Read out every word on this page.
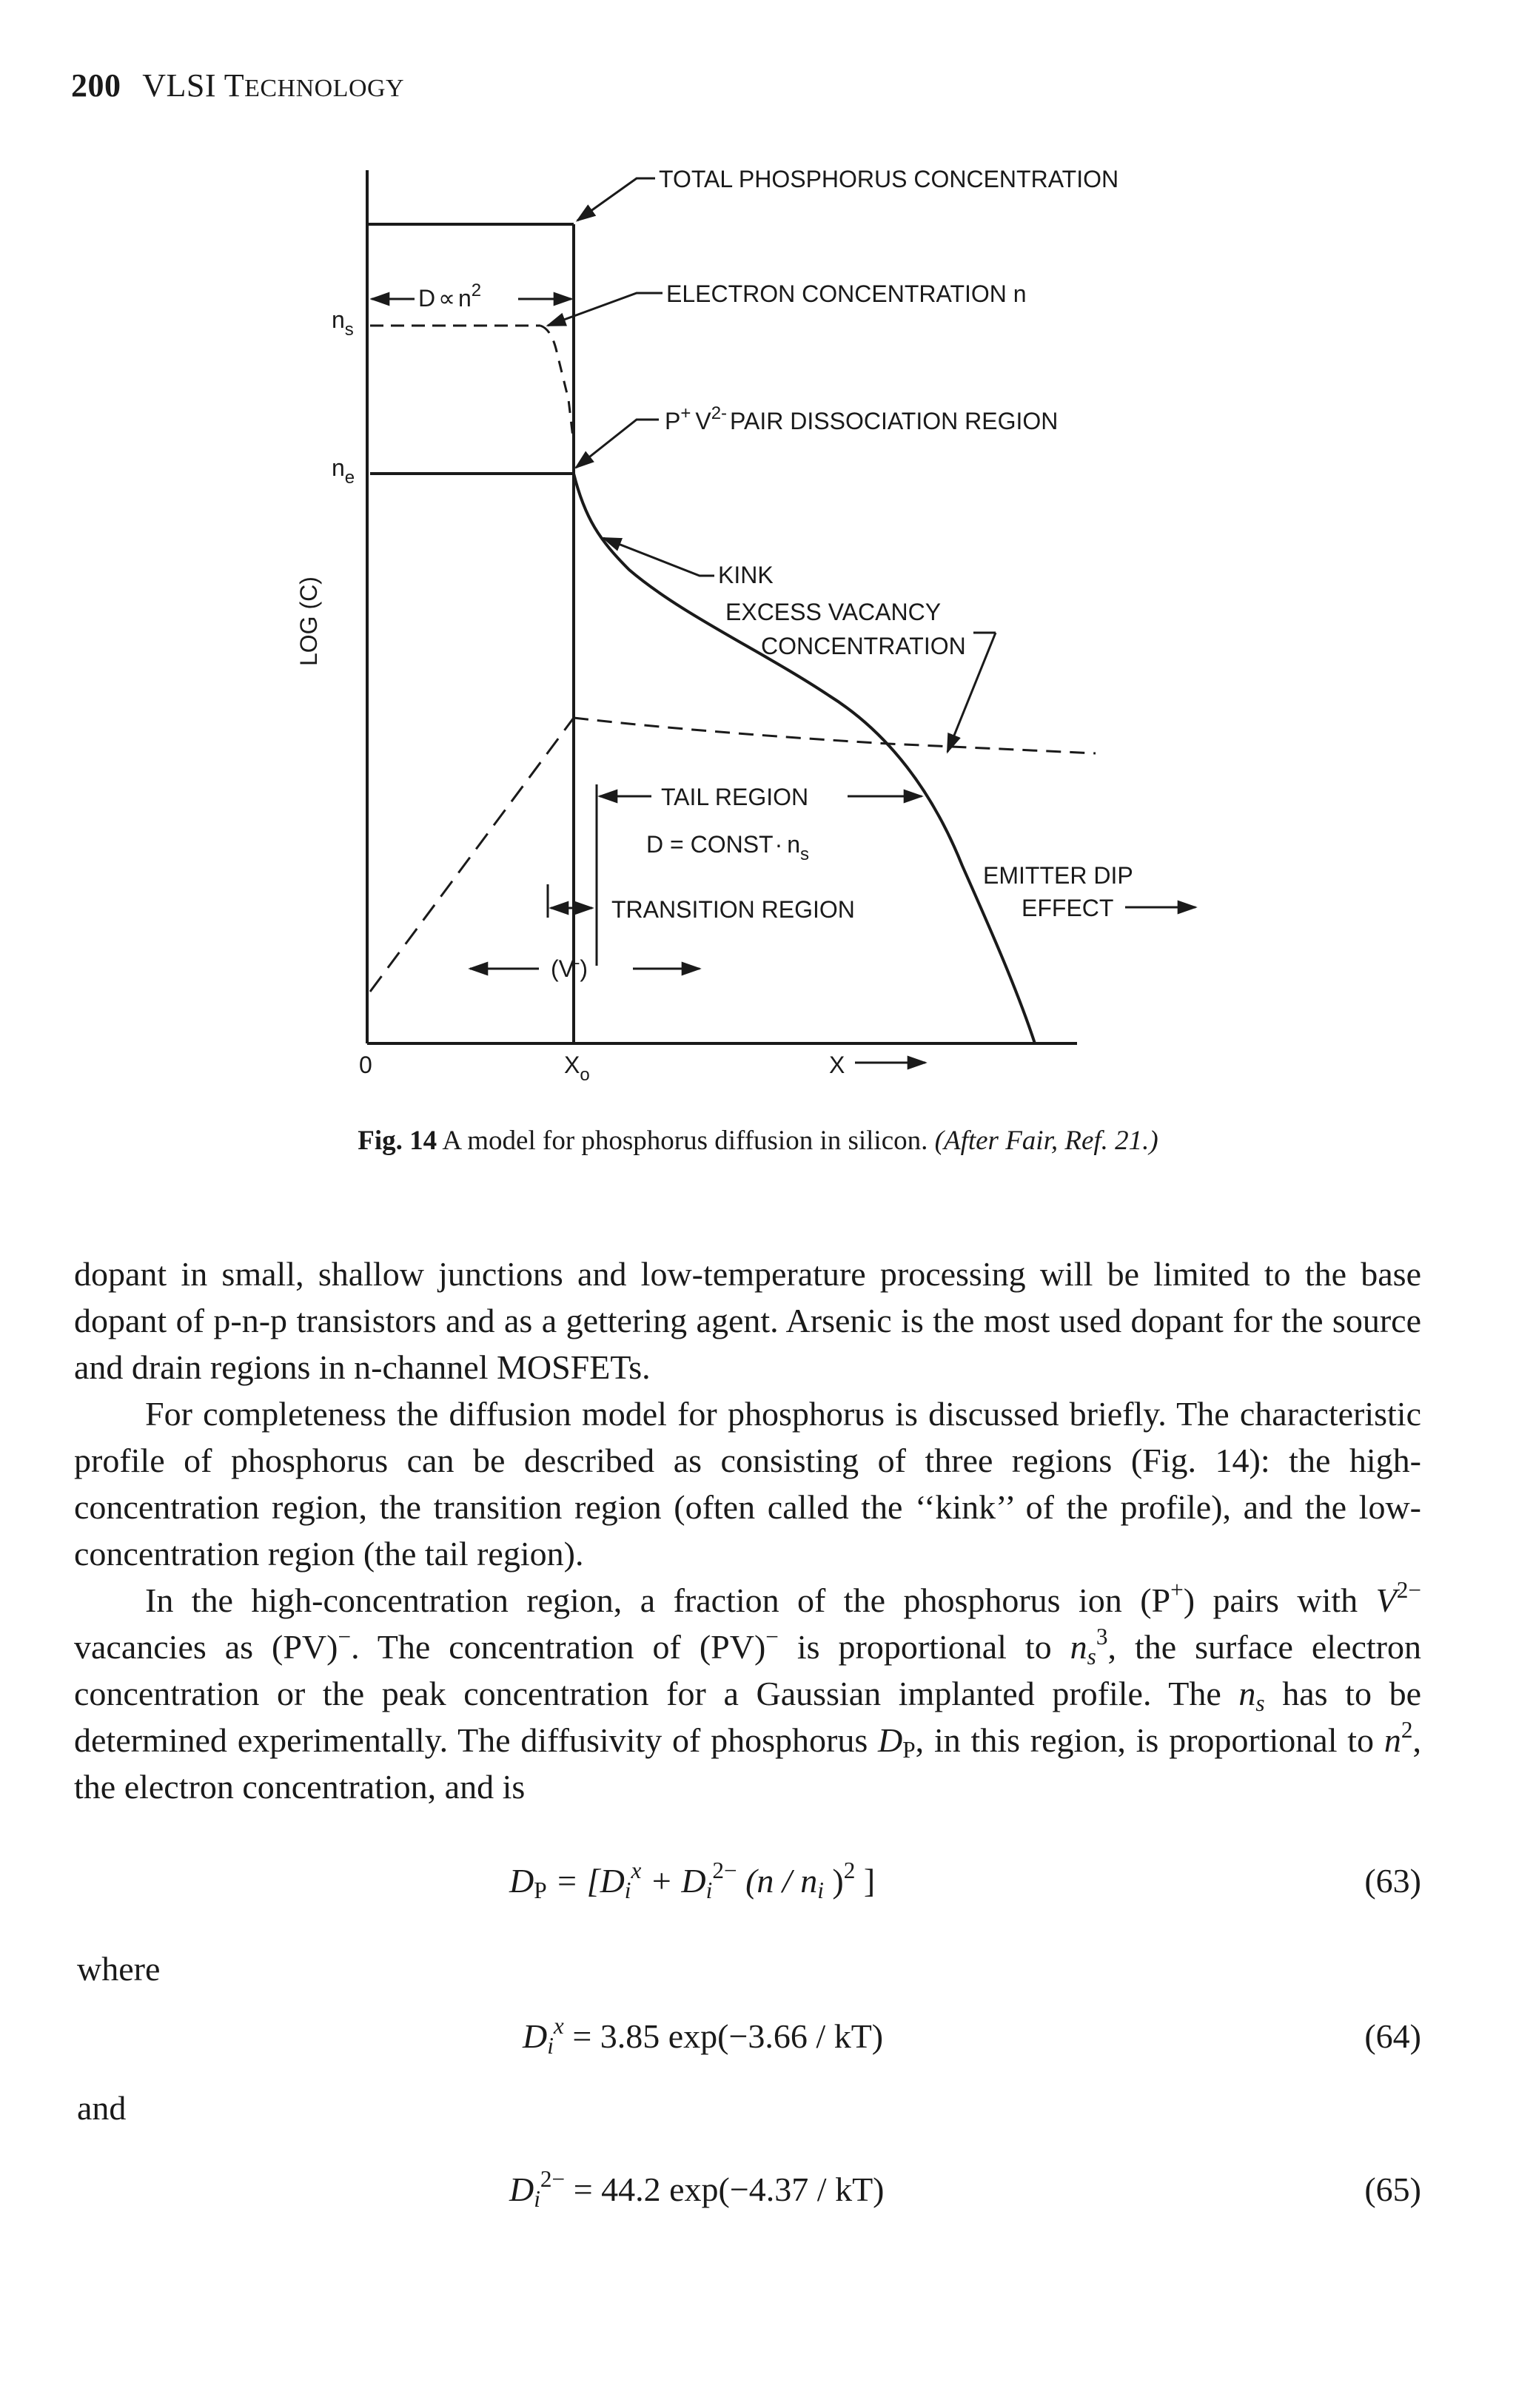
200 VLSI TECHNOLOGY
TOTAL PHOSPHORUS CONCENTRATION
ELECTRON CONCENTRATION n
P+ $V^{2-}$ PAIR DISSOCIATION REGION
KINK
EXCESS VACANCY
CONCENTRATION
TAIL REGION
D = CONST· $n_s$
TRANSITION REGION
EMITTER DIP
EFFECT
(V-)
$D \propto n^2$
$n_s$
$n_e$
LOG (C)
0	$X_o$	X
Fig. 14 A model for phosphorus diffusion in silicon. (After Fair, Ref. 21.)

dopant in small, shallow junctions and low-temperature processing will be limited to the base dopant of p-n-p transistors and as a gettering agent. Arsenic is the most used dopant for the source and drain regions in n-channel MOSFETs.

For completeness the diffusion model for phosphorus is discussed briefly. The characteristic profile of phosphorus can be described as consisting of three regions (Fig. 14): the high-concentration region, the transition region (often called the ‘‘kink’’ of the profile), and the low-concentration region (the tail region).

In the high-concentration region, a fraction of the phosphorus ion (P+) pairs with $V^{2-}$ vacancies as (PV)−. The concentration of (PV)− is proportional to $n_s^3$, the surface electron concentration or the peak concentration for a Gaussian implanted profile. The $n_s$ has to be determined experimentally. The diffusivity of phosphorus $D_P$, in this region, is proportional to $n^2$, the electron concentration, and is

$D_P = [D_i^x + D_i^{2-}$ ($n / n_i$ )$^2$ ]	(63)
where
$D_i^x = 3.85$ exp(−3.66 / kT)	(64)
and
$D_i^{2-} = 44.2$ exp(−4.37 / kT)	(65)
